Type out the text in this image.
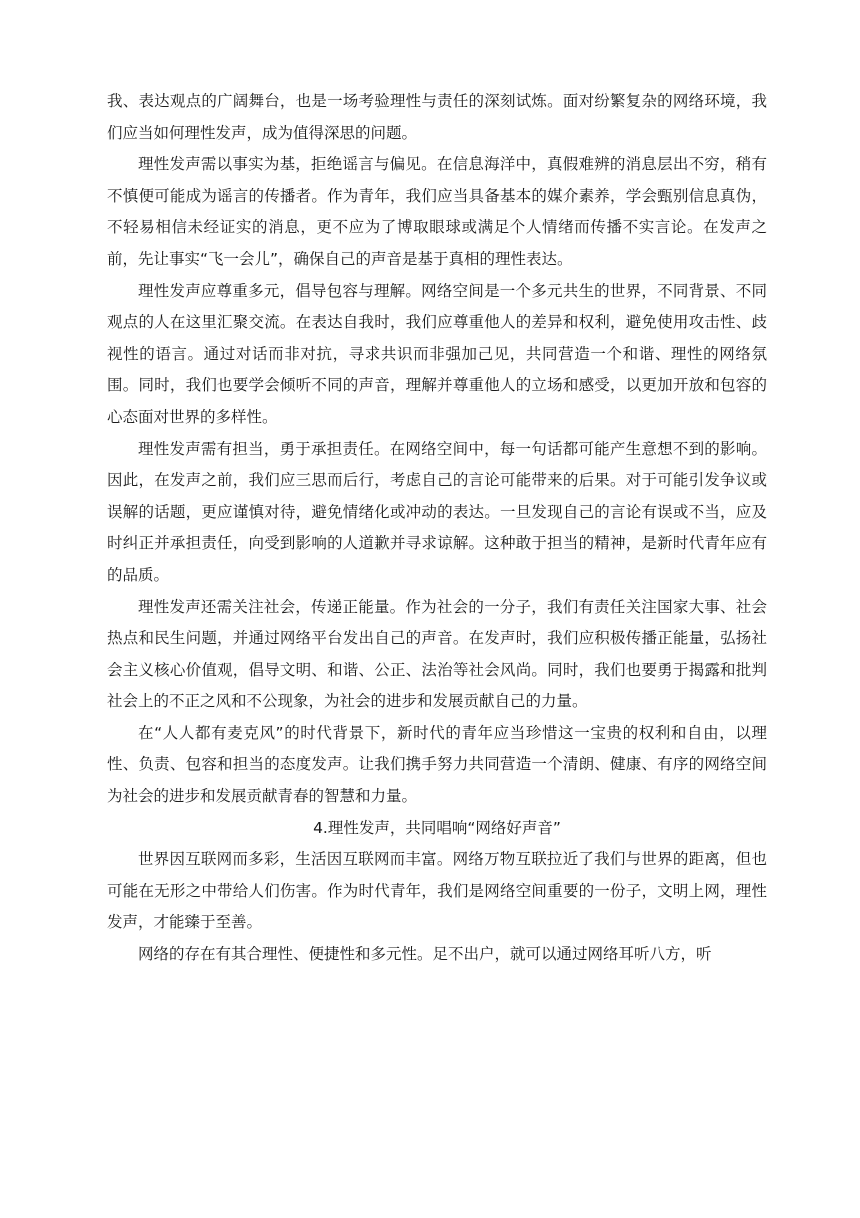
我、表达观点的广阔舞台，也是一场考验理性与责任的深刻试炼。面对纷繁复杂的网络环境，我们应当如何理性发声，成为值得深思的问题。

理性发声需以事实为基，拒绝谣言与偏见。在信息海洋中，真假难辨的消息层出不穷，稍有不慎便可能成为谣言的传播者。作为青年，我们应当具备基本的媒介素养，学会甄别信息真伪，不轻易相信未经证实的消息，更不应为了博取眼球或满足个人情绪而传播不实言论。在发声之前，先让事实“飞一会儿”，确保自己的声音是基于真相的理性表达。

理性发声应尊重多元，倡导包容与理解。网络空间是一个多元共生的世界，不同背景、不同观点的人在这里汇聚交流。在表达自我时，我们应尊重他人的差异和权利，避免使用攻击性、歧视性的语言。通过对话而非对抗，寻求共识而非强加己见，共同营造一个和谐、理性的网络氛围。同时，我们也要学会倾听不同的声音，理解并尊重他人的立场和感受，以更加开放和包容的心态面对世界的多样性。

理性发声需有担当，勇于承担责任。在网络空间中，每一句话都可能产生意想不到的影响。因此，在发声之前，我们应三思而后行，考虑自己的言论可能带来的后果。对于可能引发争议或误解的话题，更应谨慎对待，避免情绪化或冲动的表达。一旦发现自己的言论有误或不当，应及时纠正并承担责任，向受到影响的人道歉并寻求谅解。这种敢于担当的精神，是新时代青年应有的品质。

理性发声还需关注社会，传递正能量。作为社会的一分子，我们有责任关注国家大事、社会热点和民生问题，并通过网络平台发出自己的声音。在发声时，我们应积极传播正能量，弘扬社会主义核心价值观，倡导文明、和谐、公正、法治等社会风尚。同时，我们也要勇于揭露和批判社会上的不正之风和不公现象，为社会的进步和发展贡献自己的力量。

在“人人都有麦克风”的时代背景下，新时代的青年应当珍惜这一宝贵的权利和自由，以理性、负责、包容和担当的态度发声。让我们携手努力共同营造一个清朗、健康、有序的网络空间为社会的进步和发展贡献青春的智慧和力量。

4.理性发声，共同唱响“网络好声音”

世界因互联网而多彩，生活因互联网而丰富。网络万物互联拉近了我们与世界的距离，但也可能在无形之中带给人们伤害。作为时代青年，我们是网络空间重要的一份子，文明上网，理性发声，才能臻于至善。

网络的存在有其合理性、便捷性和多元性。足不出户，就可以通过网络耳听八方，听
